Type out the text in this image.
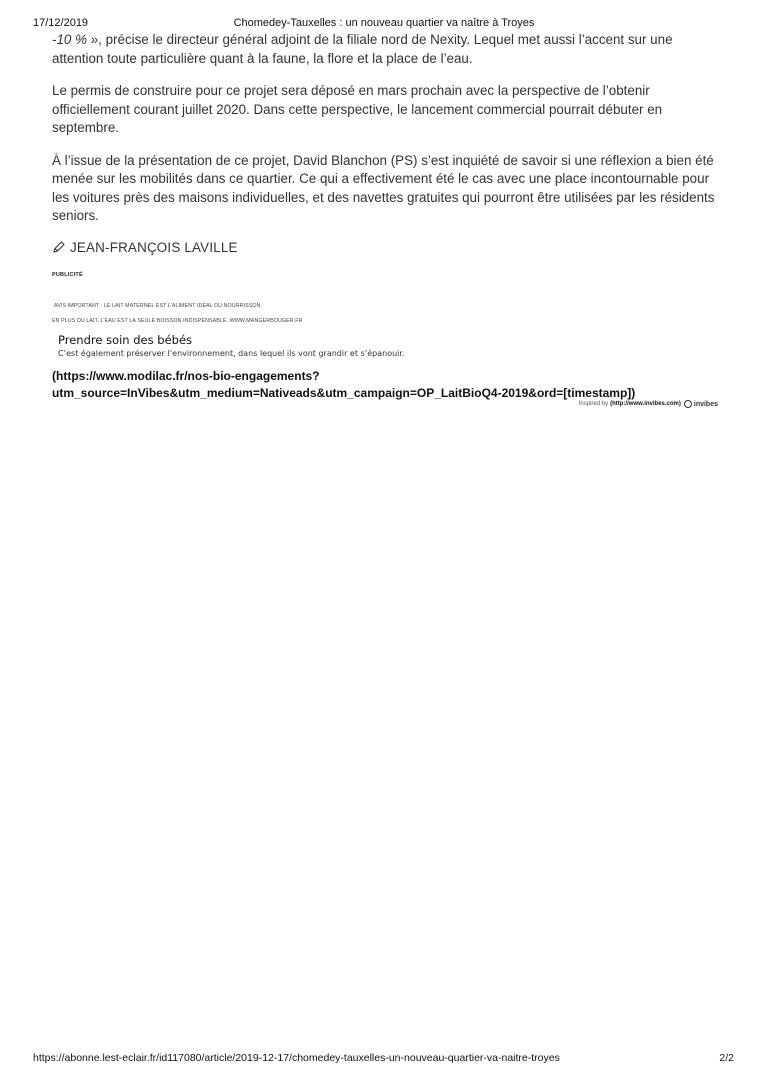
17/12/2019	Chomedey-Tauxelles : un nouveau quartier va naître à Troyes

-10 % », précise le directeur général adjoint de la filiale nord de Nexity. Lequel met aussi l’accent sur une attention toute particulière quant à la faune, la flore et la place de l’eau.

Le permis de construire pour ce projet sera déposé en mars prochain avec la perspective de l’obtenir officiellement courant juillet 2020. Dans cette perspective, le lancement commercial pourrait débuter en septembre.

À l’issue de la présentation de ce projet, David Blanchon (PS) s’est inquiété de savoir si une réflexion a bien été menée sur les mobilités dans ce quartier. Ce qui a effectivement été le cas avec une place incontournable pour les voitures près des maisons individuelles, et des navettes gratuites qui pourront être utilisées par les résidents seniors.

JEAN-FRANÇOIS LAVILLE
PUBLICITÉ
AVIS IMPORTANT : LE LAIT MATERNEL EST L’ALIMENT IDÉAL DU NOURRISSON
EN PLUS DU LAIT, L’EAU EST LA SEULE BOISSON INDISPENSABLE. WWW.MANGERBOUGER.FR
Prendre soin des bébés
C’est également préserver l’environnement, dans lequel ils vont grandir et s’épanouir.
(https://www.modilac.fr/nos-bio-engagements?
utm_source=InVibes&utm_medium=Nativeads&utm_campaign=OP_LaitBioQ4-2019&ord=[timestamp])
Inspired by (http://www.invibes.com) invibes
https://abonne.lest-eclair.fr/id117080/article/2019-12-17/chomedey-tauxelles-un-nouveau-quartier-va-naitre-troyes	2/2
